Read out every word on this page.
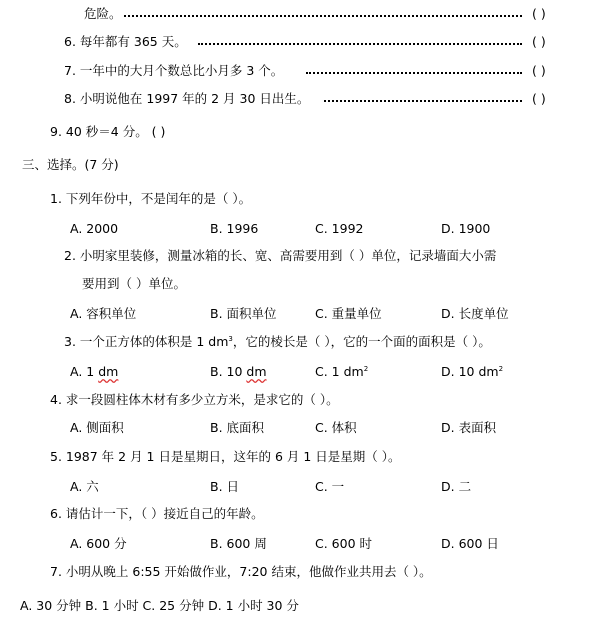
危险。	( )
6. 每年都有 365 天。	( )
7. 一年中的大月个数总比小月多 3 个。	( )
8. 小明说他在 1997 年的 2 月 30 日出生。	( )
9. 40 秒＝4 分。 ( )
三、选择。(7 分)
1. 下列年份中，不是闰年的是（ ）。
A. 2000	B. 1996	C. 1992	D. 1900
2. 小明家里装修，测量冰箱的长、宽、高需要用到（ ）单位，记录墙面大小需
要用到（ ）单位。
A. 容积单位	B. 面积单位	C. 重量单位	D. 长度单位
3. 一个正方体的体积是 1 $dm^3$，它的棱长是（ ），它的一个面的面积是（ ）。
A. 1 dm	B. 10 dm	C. 1 $dm^2$	D. 10 $dm^2$
4. 求一段圆柱体木材有多少立方米，是求它的（ ）。
A. 侧面积	B. 底面积	C. 体积	D. 表面积
5. 1987 年 2 月 1 日是星期日，这年的 6 月 1 日是星期（ ）。
A. 六	B. 日	C. 一	D. 二
6. 请估计一下，（ ）接近自己的年龄。
A. 600 分	B. 600 周	C. 600 时	D. 600 日
7. 小明从晚上 6:55 开始做作业，7:20 结束，他做作业共用去（ ）。
A. 30 分钟 B. 1 小时 C. 25 分钟 D. 1 小时 30 分
